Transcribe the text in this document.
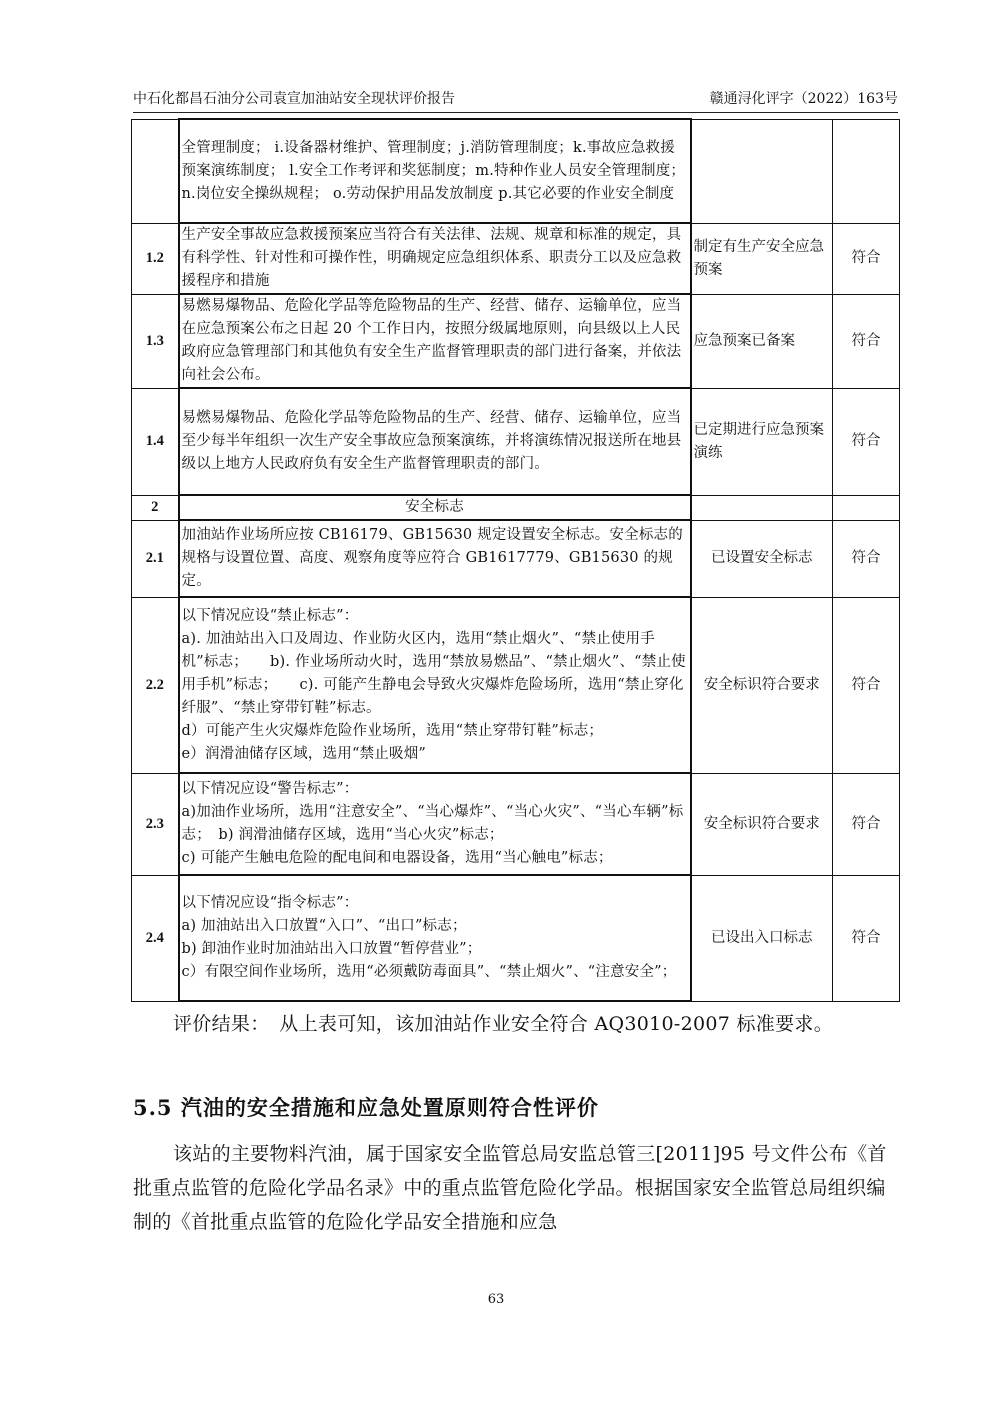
中石化都昌石油分公司袁宣加油站安全现状评价报告	赣通浔化评字（2022）163号
	全管理制度； i.设备器材维护、管理制度；j.消防管理制度；k.事故应急救援预案演练制度； l.安全工作考评和奖惩制度；m.特种作业人员安全管理制度； n.岗位安全操纵规程； o.劳动保护用品发放制度 p.其它必要的作业安全制度		
1.2	生产安全事故应急救援预案应当符合有关法律、法规、规章和标准的规定，具有科学性、针对性和可操作性，明确规定应急组织体系、职责分工以及应急救援程序和措施	制定有生产安全应急预案	符合
1.3	易燃易爆物品、危险化学品等危险物品的生产、经营、储存、运输单位，应当在应急预案公布之日起 20 个工作日内，按照分级属地原则，向县级以上人民政府应急管理部门和其他负有安全生产监督管理职责的部门进行备案，并依法向社会公布。	应急预案已备案	符合
1.4	易燃易爆物品、危险化学品等危险物品的生产、经营、储存、运输单位，应当至少每半年组织一次生产安全事故应急预案演练，并将演练情况报送所在地县级以上地方人民政府负有安全生产监督管理职责的部门。	已定期进行应急预案演练	符合
2	安全标志		
2.1	加油站作业场所应按 CB16179、GB15630 规定设置安全标志。安全标志的规格与设置位置、高度、观察角度等应符合 GB1617779、GB15630 的规定。	已设置安全标志	符合
2.2	以下情况应设“禁止标志”：
a). 加油站出入口及周边、作业防火区内，选用“禁止烟火”、“禁止使用手机”标志；　　b). 作业场所动火时，选用“禁放易燃品”、“禁止烟火”、“禁止使用手机”标志；　　c). 可能产生静电会导致火灾爆炸危险场所，选用“禁止穿化纤服”、“禁止穿带钉鞋”标志。
d）可能产生火灾爆炸危险作业场所，选用“禁止穿带钉鞋”标志；
e）润滑油储存区域，选用“禁止吸烟”	安全标识符合要求	符合
2.3	以下情况应设“警告标志”：
a)加油作业场所，选用“注意安全”、“当心爆炸”、“当心火灾”、“当心车辆”标志；　b) 润滑油储存区域，选用“当心火灾”标志；
c) 可能产生触电危险的配电间和电器设备，选用“当心触电”标志；	安全标识符合要求	符合
2.4	以下情况应设“指令标志”：
a) 加油站出入口放置“入口”、“出口”标志；
b) 卸油作业时加油站出入口放置“暂停营业”；
c）有限空间作业场所，选用“必须戴防毒面具”、“禁止烟火”、“注意安全”；	已设出入口标志	符合
评价结果：　从上表可知，该加油站作业安全符合 AQ3010-2007 标准要求。
5.5 汽油的安全措施和应急处置原则符合性评价
该站的主要物料汽油，属于国家安全监管总局安监总管三[2011]95 号文件公布《首批重点监管的危险化学品名录》中的重点监管危险化学品。根据国家安全监管总局组织编制的《首批重点监管的危险化学品安全措施和应急
63
